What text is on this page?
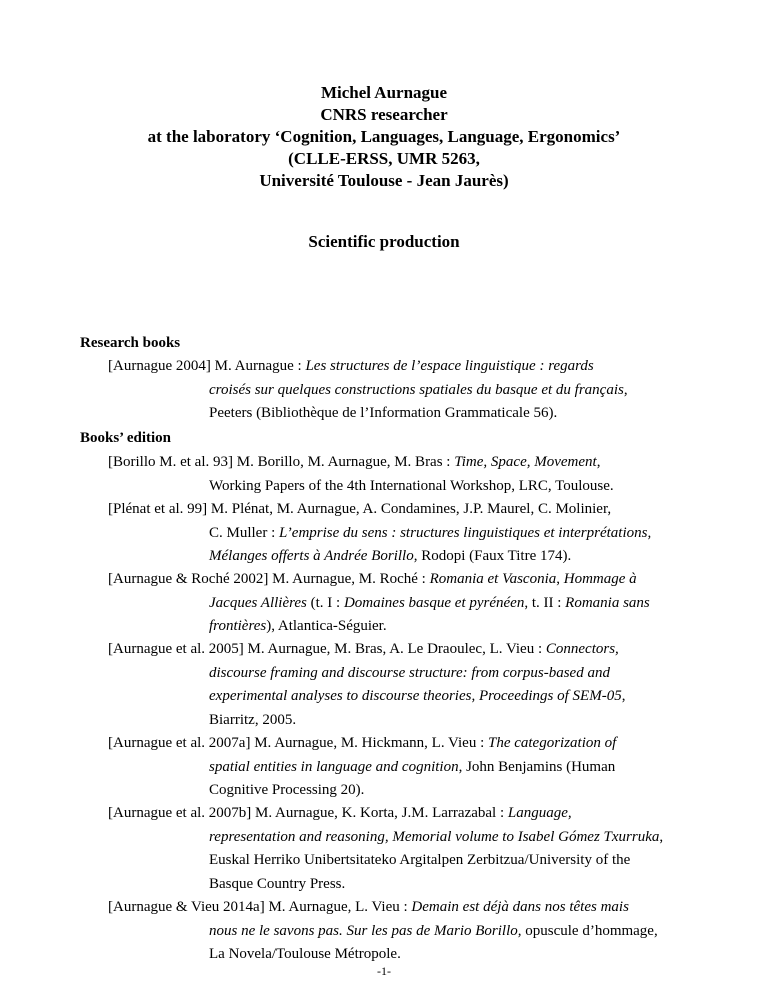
Michel Aurnague
CNRS researcher
at the laboratory ‘Cognition, Languages, Language, Ergonomics’
(CLLE-ERSS, UMR 5263,
Université Toulouse - Jean Jaurès)
Scientific production
Research books
[Aurnague 2004] M. Aurnague : Les structures de l’espace linguistique : regards
croisés sur quelques constructions spatiales du basque et du français,
Peeters (Bibliothèque de l’Information Grammaticale 56).
Books’ edition
[Borillo M. et al. 93] M. Borillo, M. Aurnague, M. Bras : Time, Space, Movement,
Working Papers of the 4th International Workshop, LRC, Toulouse.
[Plénat et al. 99] M. Plénat, M. Aurnague, A. Condamines, J.P. Maurel, C. Molinier,
C. Muller : L’emprise du sens : structures linguistiques et interprétations,
Mélanges offerts à Andrée Borillo, Rodopi (Faux Titre 174).
[Aurnague & Roché 2002] M. Aurnague, M. Roché : Romania et Vasconia, Hommage à
Jacques Allières (t. I : Domaines basque et pyrénéen, t. II : Romania sans
frontières), Atlantica-Séguier.
[Aurnague et al. 2005] M. Aurnague, M. Bras, A. Le Draoulec, L. Vieu : Connectors,
discourse framing and discourse structure: from corpus-based and
experimental analyses to discourse theories, Proceedings of SEM-05,
Biarritz, 2005.
[Aurnague et al. 2007a] M. Aurnague, M. Hickmann, L. Vieu : The categorization of
spatial entities in language and cognition, John Benjamins (Human
Cognitive Processing 20).
[Aurnague et al. 2007b] M. Aurnague, K. Korta, J.M. Larrazabal : Language,
representation and reasoning, Memorial volume to Isabel Gómez Txurruka,
Euskal Herriko Unibertsitateko Argitalpen Zerbitzua/University of the
Basque Country Press.
[Aurnague & Vieu 2014a] M. Aurnague, L. Vieu : Demain est déjà dans nos têtes mais
nous ne le savons pas. Sur les pas de Mario Borillo, opuscule d’hommage,
La Novela/Toulouse Métropole.
-1-
